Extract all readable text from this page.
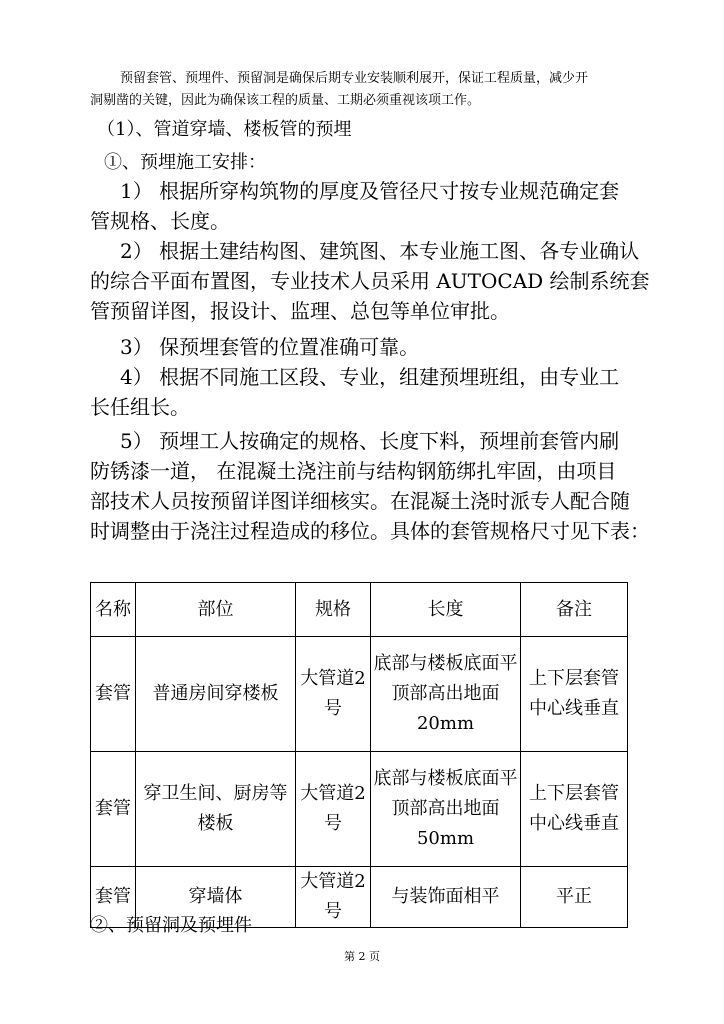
预留套管、预埋件、预留洞是确保后期专业安装顺利展开，保证工程质量，减少开
洞剔凿的关键，因此为确保该工程的质量、工期必须重视该项工作。
（1）、管道穿墙、楼板管的预埋
①、预埋施工安排：
1） 根据所穿构筑物的厚度及管径尺寸按专业规范确定套
管规格、长度。
2） 根据土建结构图、建筑图、本专业施工图、各专业确认
的综合平面布置图，专业技术人员采用 AUTOCAD 绘制系统套
管预留详图，报设计、监理、总包等单位审批。
3） 保预埋套管的位置准确可靠。
4） 根据不同施工区段、专业，组建预埋班组，由专业工
长任组长。
5） 预埋工人按确定的规格、长度下料，预埋前套管内刷
防锈漆一道， 在混凝土浇注前与结构钢筋绑扎牢固，由项目
部技术人员按预留详图详细核实。在混凝土浇时派专人配合随
时调整由于浇注过程造成的移位。具体的套管规格尺寸见下表：
名称	部位	规格	长度	备注
套管	普通房间穿楼板	大管道2号	底部与楼板底面平 顶部高出地面20mm	上下层套管中心线垂直
套管	穿卫生间、厨房等楼板	大管道2号	底部与楼板底面平 顶部高出地面50mm	上下层套管中心线垂直
套管	穿墙体	大管道2号	与装饰面相平	平正
②、预留洞及预埋件
第 2 页
